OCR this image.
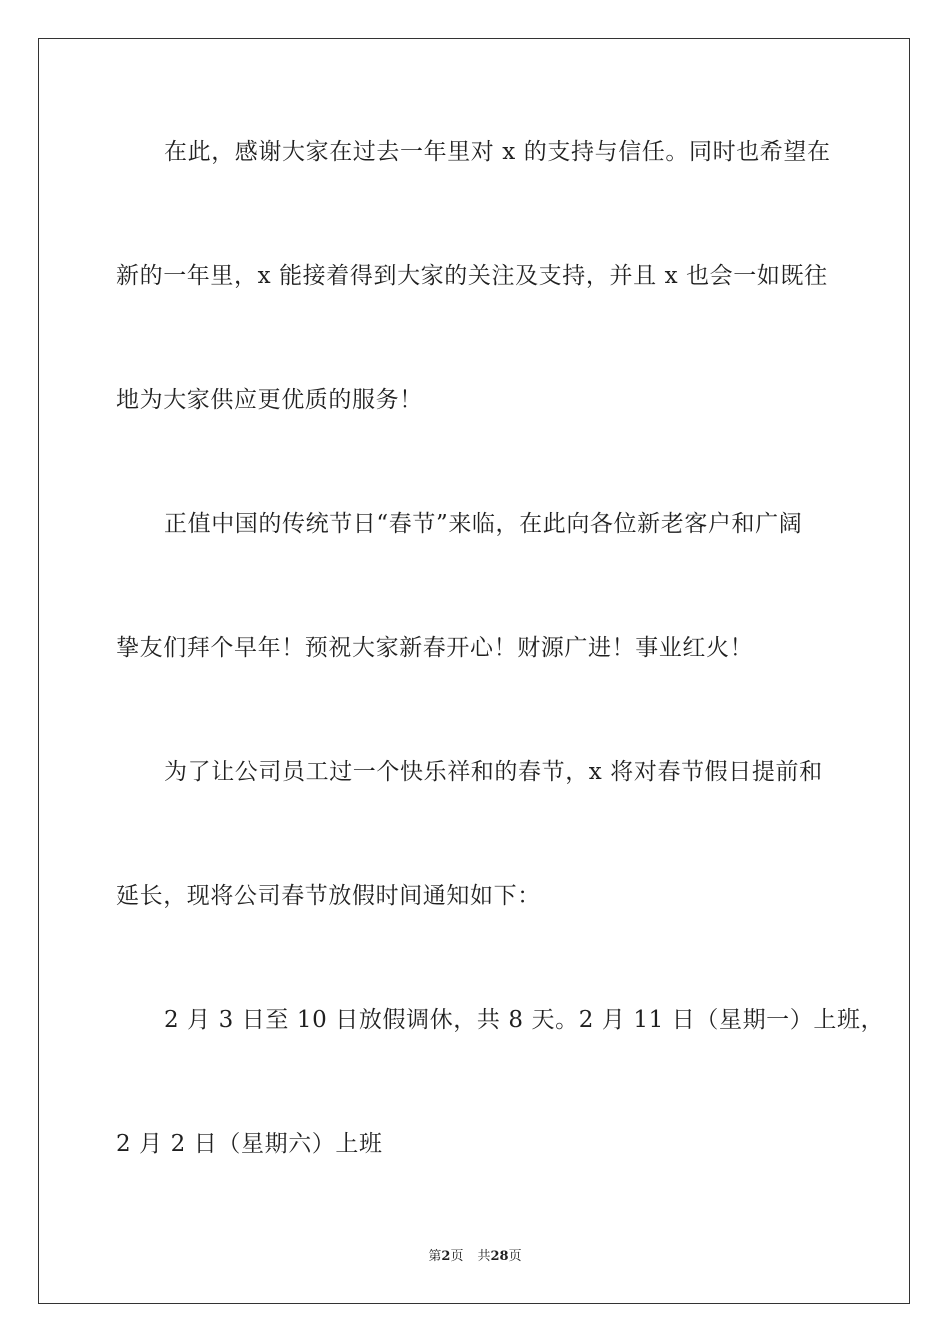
在此，感谢大家在过去一年里对 x 的支持与信任。同时也希望在
新的一年里，x 能接着得到大家的关注及支持，并且 x 也会一如既往
地为大家供应更优质的服务！
正值中国的传统节日“春节”来临，在此向各位新老客户和广阔
挚友们拜个早年！预祝大家新春开心！财源广进！事业红火！
为了让公司员工过一个快乐祥和的春节，x 将对春节假日提前和
延长，现将公司春节放假时间通知如下：
2 月 3 日至 10 日放假调休，共 8 天。2 月 11 日（星期一）上班，
2 月 2 日（星期六）上班
第2页 共28页
